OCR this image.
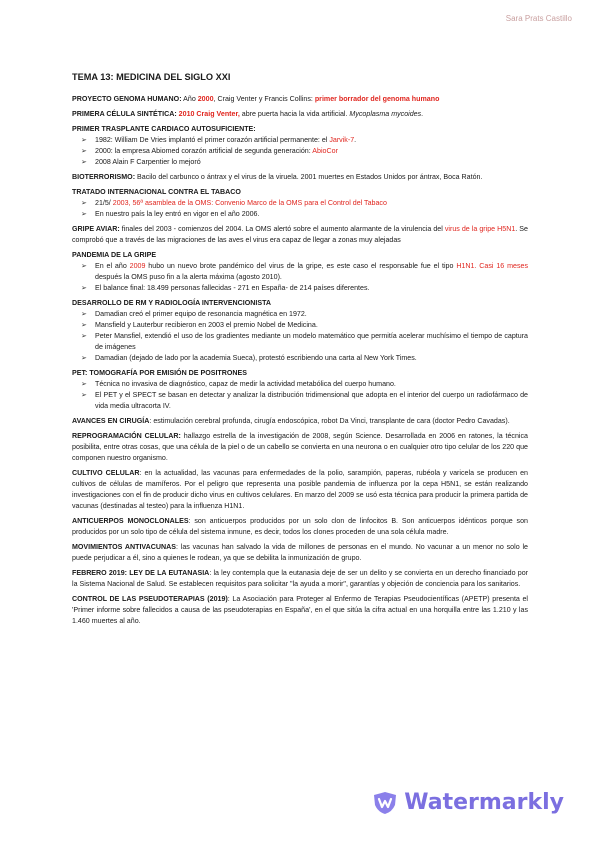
Sara Prats Castillo
TEMA 13: MEDICINA DEL SIGLO XXI

PROYECTO GENOMA HUMANO: Año 2000, Craig Venter y Francis Collins: primer borrador del genoma humano

PRIMERA CÉLULA SINTÉTICA: 2010 Craig Venter, abre puerta hacia la vida artificial. Mycoplasma mycoides.

PRIMER TRASPLANTE CARDIACO AUTOSUFICIENTE:

➢ 1982: William De Vries implantó el primer corazón artificial permanente: el Jarvik-7.
➢ 2000: la empresa Abiomed corazón artificial de segunda generación: AbioCor
➢ 2008 Alain F Carpentier lo mejoró

BIOTERRORISMO: Bacilo del carbunco o ántrax y el virus de la viruela. 2001 muertes en Estados Unidos por ántrax, Boca Ratón.

TRATADO INTERNACIONAL CONTRA EL TABACO

➢ 21/5/ 2003, 56ª asamblea de la OMS: Convenio Marco de la OMS para el Control del Tabaco
➢ En nuestro país la ley entró en vigor en el año 2006.

GRIPE AVIAR: finales del 2003 - comienzos del 2004. La OMS alertó sobre el aumento alarmante de la virulencia del virus de la gripe H5N1. Se comprobó que a través de las migraciones de las aves el virus era capaz de llegar a zonas muy alejadas

PANDEMIA DE LA GRIPE

➢ En el año 2009 hubo un nuevo brote pandémico del virus de la gripe, es este caso el responsable fue el tipo H1N1. Casi 16 meses después la OMS puso fin a la alerta máxima (agosto 2010).
➢ El balance final: 18.499 personas fallecidas - 271 en España- de 214 países diferentes.

DESARROLLO DE RM Y RADIOLOGÍA INTERVENCIONISTA

➢ Damadian creó el primer equipo de resonancia magnética en 1972.
➢ Mansfield y Lauterbur recibieron en 2003 el premio Nobel de Medicina.
➢ Peter Mansfiel, extendió el uso de los gradientes mediante un modelo matemático que permitía acelerar muchísimo el tiempo de captura de imágenes
➢ Damadian (dejado de lado por la academia Sueca), protestó escribiendo una carta al New York Times.

PET: TOMOGRAFÍA POR EMISIÓN DE POSITRONES

➢ Técnica no invasiva de diagnóstico, capaz de medir la actividad metabólica del cuerpo humano.
➢ El PET y el SPECT se basan en detectar y analizar la distribución tridimensional que adopta en el interior del cuerpo un radiofármaco de vida media ultracorta IV.

AVANCES EN CIRUGÍA: estimulación cerebral profunda, cirugía endoscópica, robot Da Vinci, transplante de cara (doctor Pedro Cavadas).

REPROGRAMACIÓN CELULAR: hallazgo estrella de la investigación de 2008, según Science. Desarrollada en 2006 en ratones, la técnica posibilita, entre otras cosas, que una célula de la piel o de un cabello se convierta en una neurona o en cualquier otro tipo celular de los 220 que componen nuestro organismo.

CULTIVO CELULAR: en la actualidad, las vacunas para enfermedades de la polio, sarampión, paperas, rubéola y varicela se producen en cultivos de células de mamíferos. Por el peligro que representa una posible pandemia de influenza por la cepa H5N1, se están realizando investigaciones con el fin de producir dicho virus en cultivos celulares. En marzo del 2009 se usó esta técnica para producir la primera partida de vacunas (destinadas al testeo) para la influenza H1N1.

ANTICUERPOS MONOCLONALES: son anticuerpos producidos por un solo clon de linfocitos B. Son anticuerpos idénticos porque son producidos por un solo tipo de célula del sistema inmune, es decir, todos los clones proceden de una sola célula madre.

MOVIMIENTOS ANTIVACUNAS: las vacunas han salvado la vida de millones de personas en el mundo. No vacunar a un menor no solo le puede perjudicar a él, sino a quienes le rodean, ya que se debilita la inmunización de grupo.

FEBRERO 2019: LEY DE LA EUTANASIA: la ley contempla que la eutanasia deje de ser un delito y se convierta en un derecho financiado por la Sistema Nacional de Salud. Se establecen requisitos para solicitar "la ayuda a morir", garantías y objeción de conciencia para los sanitarios.

CONTROL DE LAS PSEUDOTERAPIAS (2019): La Asociación para Proteger al Enfermo de Terapias Pseudocientíficas (APETP) presenta el 'Primer informe sobre fallecidos a causa de las pseudoterapias en España', en el que sitúa la cifra actual en una horquilla entre las 1.210 y las 1.460 muertes al año.

Watermarkly
